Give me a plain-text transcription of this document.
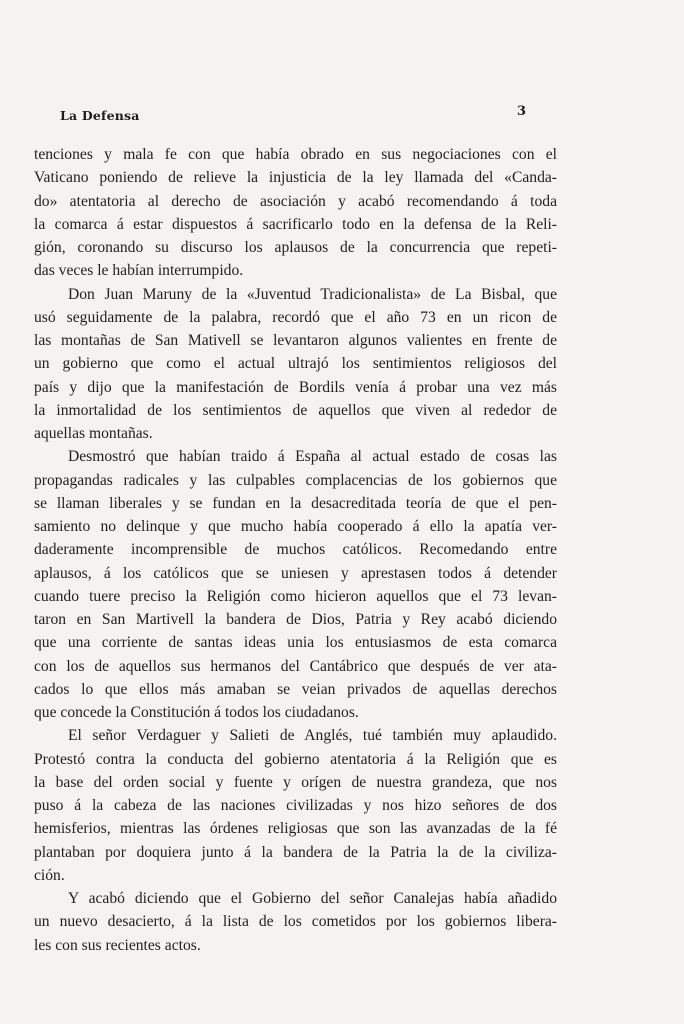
La Defensa	3

tenciones y mala fe con que había obrado en sus negociaciones con el
Vaticano poniendo de relieve la injusticia de la ley llamada del «Canda-
do» atentatoria al derecho de asociación y acabó recomendando á toda
la comarca á estar dispuestos á sacrificarlo todo en la defensa de la Reli-
gión, coronando su discurso los aplausos de la concurrencia que repeti-
das veces le habían interrumpido.

Don Juan Maruny de la «Juventud Tradicionalista» de La Bisbal, que
usó seguidamente de la palabra, recordó que el año 73 en un ricon de
las montañas de San Mativell se levantaron algunos valientes en frente de
un gobierno que como el actual ultrajó los sentimientos religiosos del
país y dijo que la manifestación de Bordils venía á probar una vez más
la inmortalidad de los sentimientos de aquellos que viven al rededor de
aquellas montañas.

Desmostró que habían traido á España al actual estado de cosas las
propagandas radicales y las culpables complacencias de los gobiernos que
se llaman liberales y se fundan en la desacreditada teoría de que el pen-
samiento no delinque y que mucho había cooperado á ello la apatía ver-
daderamente incomprensible de muchos católicos. Recomedando entre
aplausos, á los católicos que se uniesen y aprestasen todos á detender
cuando tuere preciso la Religión como hicieron aquellos que el 73 levan-
taron en San Martivell la bandera de Dios, Patria y Rey acabó diciendo
que una corriente de santas ideas unia los entusiasmos de esta comarca
con los de aquellos sus hermanos del Cantábrico que después de ver ata-
cados lo que ellos más amaban se veian privados de aquellas derechos
que concede la Constitución á todos los ciudadanos.

El señor Verdaguer y Salieti de Anglés, tué también muy aplaudido.
Protestó contra la conducta del gobierno atentatoria á la Religión que es
la base del orden social y fuente y orígen de nuestra grandeza, que nos
puso á la cabeza de las naciones civilizadas y nos hizo señores de dos
hemisferios, mientras las órdenes religiosas que son las avanzadas de la fé
plantaban por doquiera junto á la bandera de la Patria la de la civiliza-
ción.

Y acabó diciendo que el Gobierno del señor Canalejas había añadido
un nuevo desacierto, á la lista de los cometidos por los gobiernos libera-
les con sus recientes actos.
